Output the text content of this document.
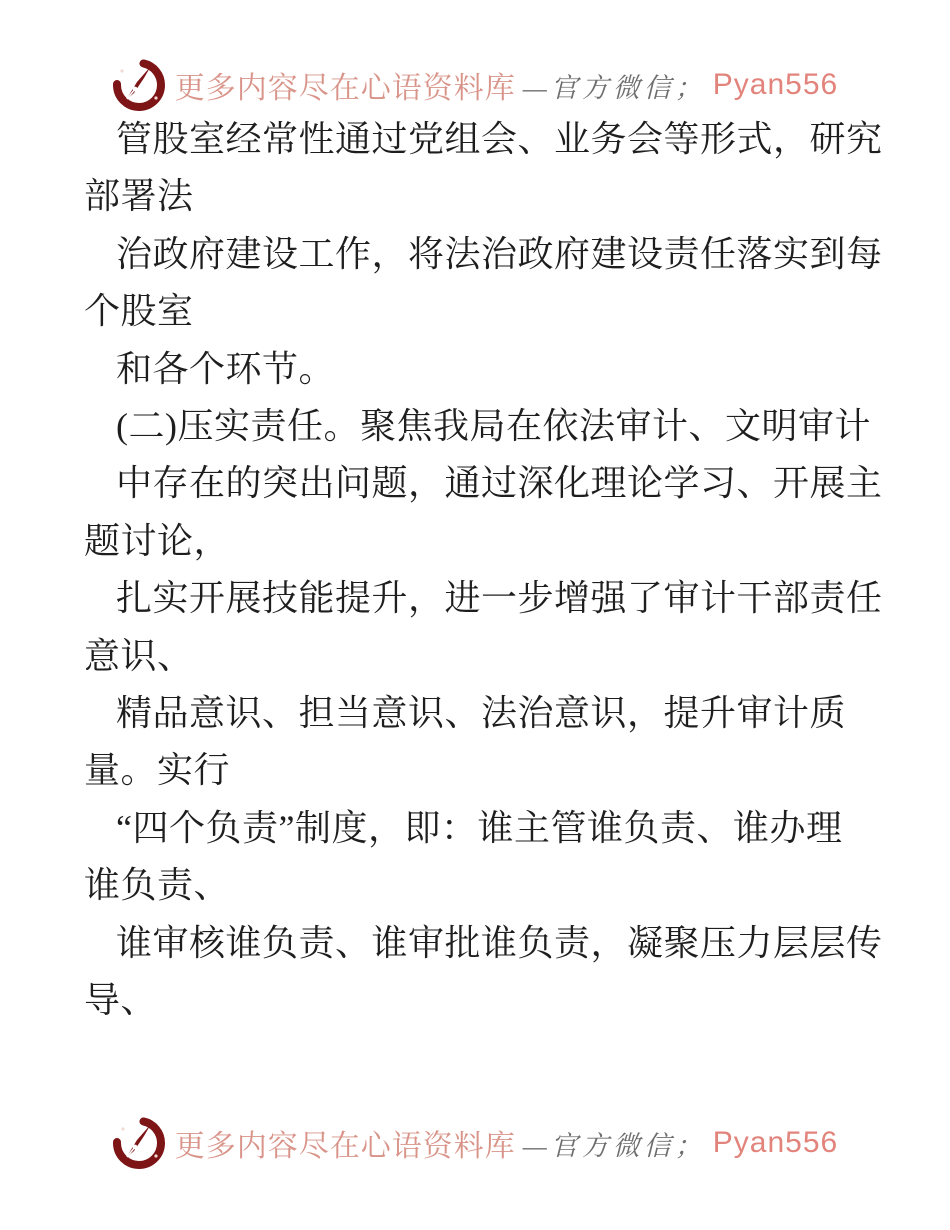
更多内容尽在心语资料库 —官方微信； Pyan556

管股室经常性通过党组会、业务会等形式，研究

部署法

治政府建设工作，将法治政府建设责任落实到每

个股室

和各个环节。

(二)压实责任。聚焦我局在依法审计、文明审计

中存在的突出问题，通过深化理论学习、开展主

题讨论，

扎实开展技能提升，进一步增强了审计干部责任

意识、

精品意识、担当意识、法治意识，提升审计质

量。实行

“四个负责”制度，即：谁主管谁负责、谁办理

谁负责、

谁审核谁负责、谁审批谁负责，凝聚压力层层传

导、

更多内容尽在心语资料库 —官方微信； Pyan556
